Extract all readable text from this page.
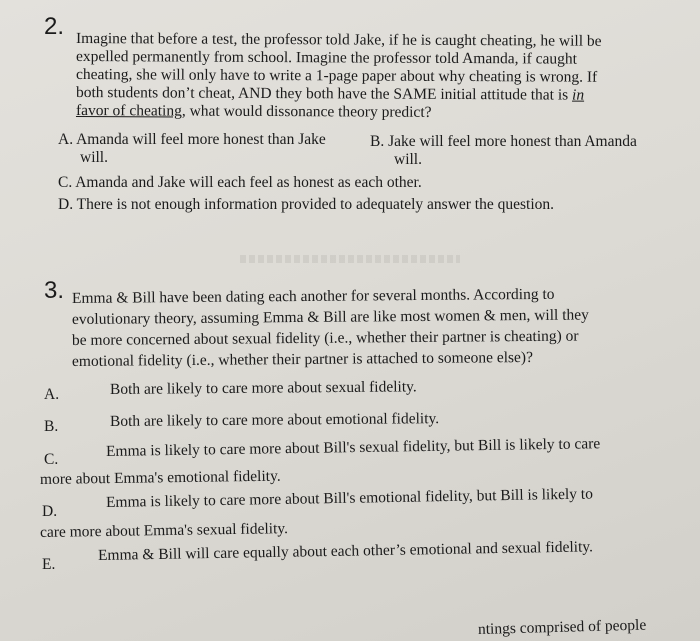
2. Imagine that before a test, the professor told Jake, if he is caught cheating, he will be
expelled permanently from school. Imagine the professor told Amanda, if caught
cheating, she will only have to write a 1-page paper about why cheating is wrong. If
both students don’t cheat, AND they both have the SAME initial attitude that is in
favor of cheating, what would dissonance theory predict?
A. Amanda will feel more honest than Jake
will.
B. Jake will feel more honest than Amanda
will.
C. Amanda and Jake will each feel as honest as each other.
D. There is not enough information provided to adequately answer the question.
3. Emma & Bill have been dating each another for several months. According to
evolutionary theory, assuming Emma & Bill are like most women & men, will they
be more concerned about sexual fidelity (i.e., whether their partner is cheating) or
emotional fidelity (i.e., whether their partner is attached to someone else)?
A.	Both are likely to care more about sexual fidelity.
B.	Both are likely to care more about emotional fidelity.
C.	Emma is likely to care more about Bill's sexual fidelity, but Bill is likely to care
more about Emma's emotional fidelity.
D.
Emma is likely to care more about Bill's emotional fidelity, but Bill is likely to
care more about Emma's sexual fidelity.
E.
Emma & Bill will care equally about each other’s emotional and sexual fidelity.
ntings comprised of people
